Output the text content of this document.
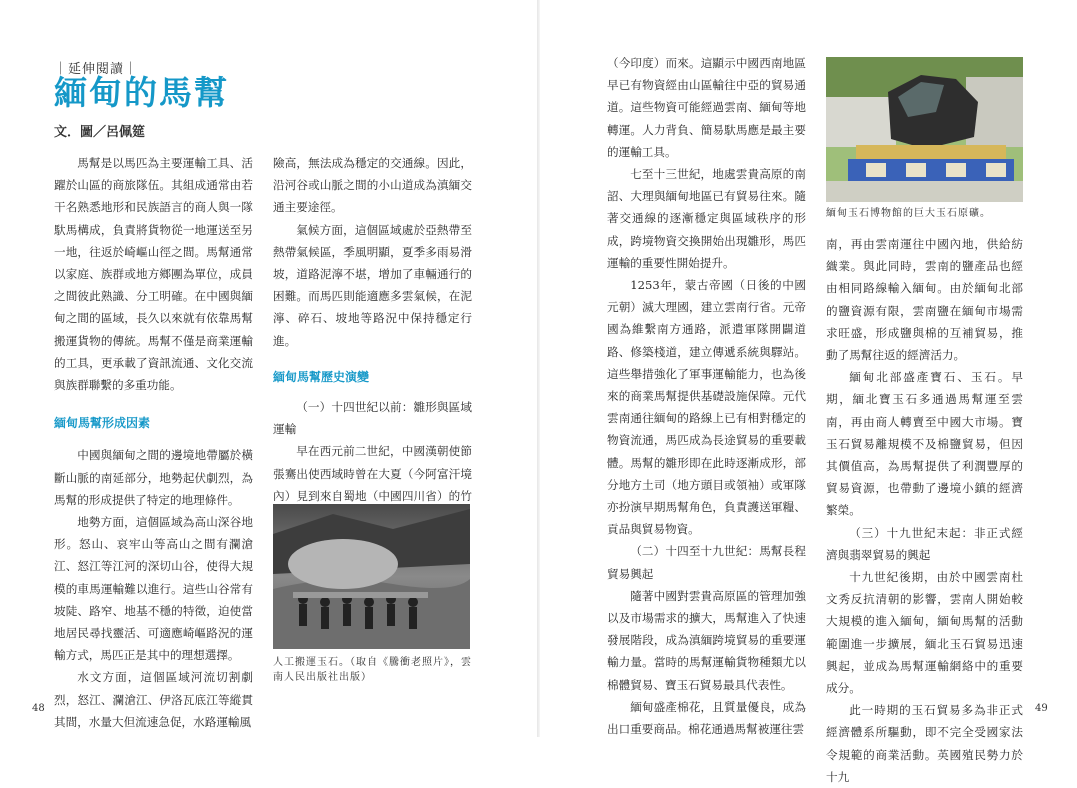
｜延伸閱讀｜
緬甸的馬幫
文．圖／呂佩筵

馬幫是以馬匹為主要運輸工具、活躍於山區的商旅隊伍。其組成通常由若干名熟悉地形和民族語言的商人與一隊馱馬構成，負責將貨物從一地運送至另一地，往返於崎嶇山徑之間。馬幫通常以家庭、族群或地方鄉團為單位，成員之間彼此熟識、分工明確。在中國與緬甸之間的區域，長久以來就有依靠馬幫搬運貨物的傳統。馬幫不僅是商業運輸的工具，更承載了資訊流通、文化交流與族群聯繫的多重功能。

緬甸馬幫形成因素

中國與緬甸之間的邊境地帶屬於橫斷山脈的南延部分，地勢起伏劇烈，為馬幫的形成提供了特定的地理條件。

地勢方面，這個區域為高山深谷地形。怒山、哀牢山等高山之間有瀾滄江、怒江等江河的深切山谷，使得大規模的車馬運輸難以進行。這些山谷常有坡陡、路窄、地基不穩的特徵，迫使當地居民尋找靈活、可適應崎嶇路況的運輸方式，馬匹正是其中的理想選擇。

水文方面，這個區域河流切割劇烈，怒江、瀾滄江、伊洛瓦底江等縱貫其間，水量大但流速急促，水路運輸風

險高，無法成為穩定的交通線。因此，沿河谷或山脈之間的小山道成為滇緬交通主要途徑。

氣候方面，這個區域處於亞熱帶至熱帶氣候區，季風明顯，夏季多雨易滑坡，道路泥濘不堪，增加了車輛通行的困難。而馬匹則能適應多雲氣候，在泥濘、碎石、坡地等路況中保持穩定行進。

緬甸馬幫歷史演變

（一）十四世紀以前：雛形與區域運輸

早在西元前二世紀，中國漢朝使節張騫出使西域時曾在大夏（今阿富汗境內）見到來自蜀地（中國四川省）的竹

人工搬運玉石。（取自《騰衝老照片》，雲南人民出版社出版）
48

（今印度）而來。這顯示中國西南地區早已有物資經由山區輸往中亞的貿易通道。這些物資可能經過雲南、緬甸等地轉運。人力背負、簡易馱馬應是最主要的運輸工具。

七至十三世紀，地處雲貴高原的南詔、大理與緬甸地區已有貿易往來。隨著交通線的逐漸穩定與區域秩序的形成，跨境物資交換開始出現雛形，馬匹運輸的重要性開始提升。

1253年，蒙古帝國（日後的中國元朝）滅大理國，建立雲南行省。元帝國為維繫南方通路，派遣軍隊開闢道路、修築棧道，建立傳遞系統與驛站。這些舉措強化了軍事運輸能力，也為後來的商業馬幫提供基礎設施保障。元代雲南通往緬甸的路線上已有相對穩定的物資流通，馬匹成為長途貿易的重要載體。馬幫的雛形即在此時逐漸成形，部分地方土司（地方頭目或領袖）或軍隊亦扮演早期馬幫角色，負責護送軍糧、貢品與貿易物資。

（二）十四至十九世紀：馬幫長程貿易興起

隨著中國對雲貴高原區的管理加強以及市場需求的擴大，馬幫進入了快速發展階段，成為滇緬跨境貿易的重要運輸力量。當時的馬幫運輸貨物種類尤以棉體貿易、寶玉石貿易最具代表性。

緬甸盛產棉花，且質量優良，成為出口重要商品。棉花通過馬幫被運往雲

緬甸玉石博物館的巨大玉石原礦。

南，再由雲南運往中國內地，供給紡織業。與此同時，雲南的鹽產品也經由相同路線輸入緬甸。由於緬甸北部的鹽資源有限，雲南鹽在緬甸市場需求旺盛，形成鹽與棉的互補貿易，推動了馬幫往返的經濟活力。

緬甸北部盛產寶石、玉石。早期，緬北寶玉石多通過馬幫運至雲南，再由商人轉賣至中國大市場。寶玉石貿易離規模不及棉鹽貿易，但因其價值高，為馬幫提供了利潤豐厚的貿易資源，也帶動了邊境小鎮的經濟繁榮。

（三）十九世紀末起：非正式經濟與翡翠貿易的興起

十九世紀後期，由於中國雲南杜文秀反抗清朝的影響，雲南人開始較大規模的進入緬甸，緬甸馬幫的活動範圍進一步擴展，緬北玉石貿易迅速興起，並成為馬幫運輸網絡中的重要成分。

此一時期的玉石貿易多為非正式經濟體系所驅動，即不完全受國家法令規範的商業活動。英國殖民勢力於十九

49
